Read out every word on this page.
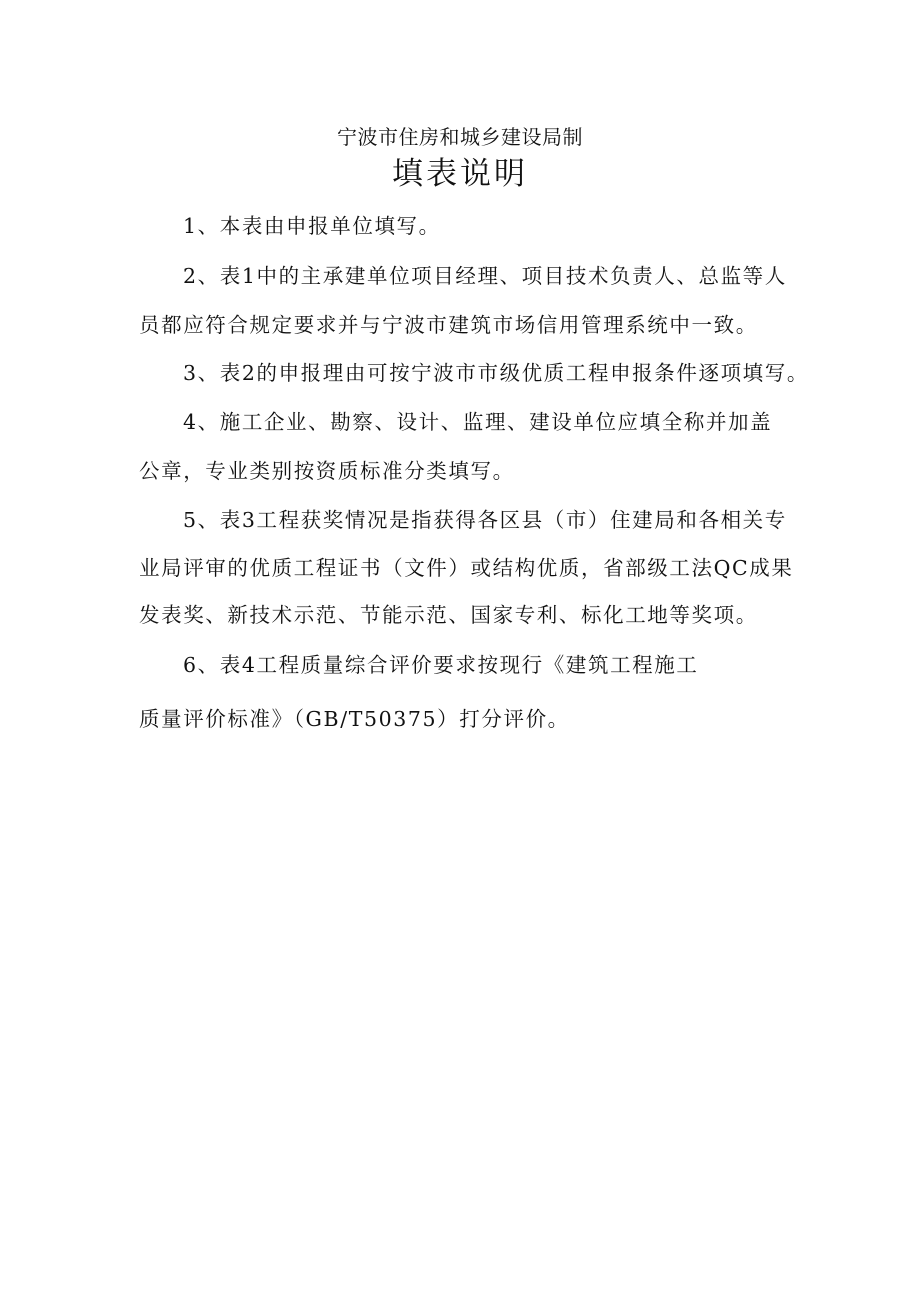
宁波市住房和城乡建设局制
填表说明
1、本表由申报单位填写。
2、表1中的主承建单位项目经理、项目技术负责人、总监等人
员都应符合规定要求并与宁波市建筑市场信用管理系统中一致。
3、表2的申报理由可按宁波市市级优质工程申报条件逐项填写。
4、施工企业、勘察、设计、监理、建设单位应填全称并加盖
公章，专业类别按资质标准分类填写。
5、表3工程获奖情况是指获得各区县（市）住建局和各相关专
业局评审的优质工程证书（文件）或结构优质，省部级工法QC成果
发表奖、新技术示范、节能示范、国家专利、标化工地等奖项。
6、表4工程质量综合评价要求按现行《建筑工程施工
质量评价标准》（GB/T50375）打分评价。
